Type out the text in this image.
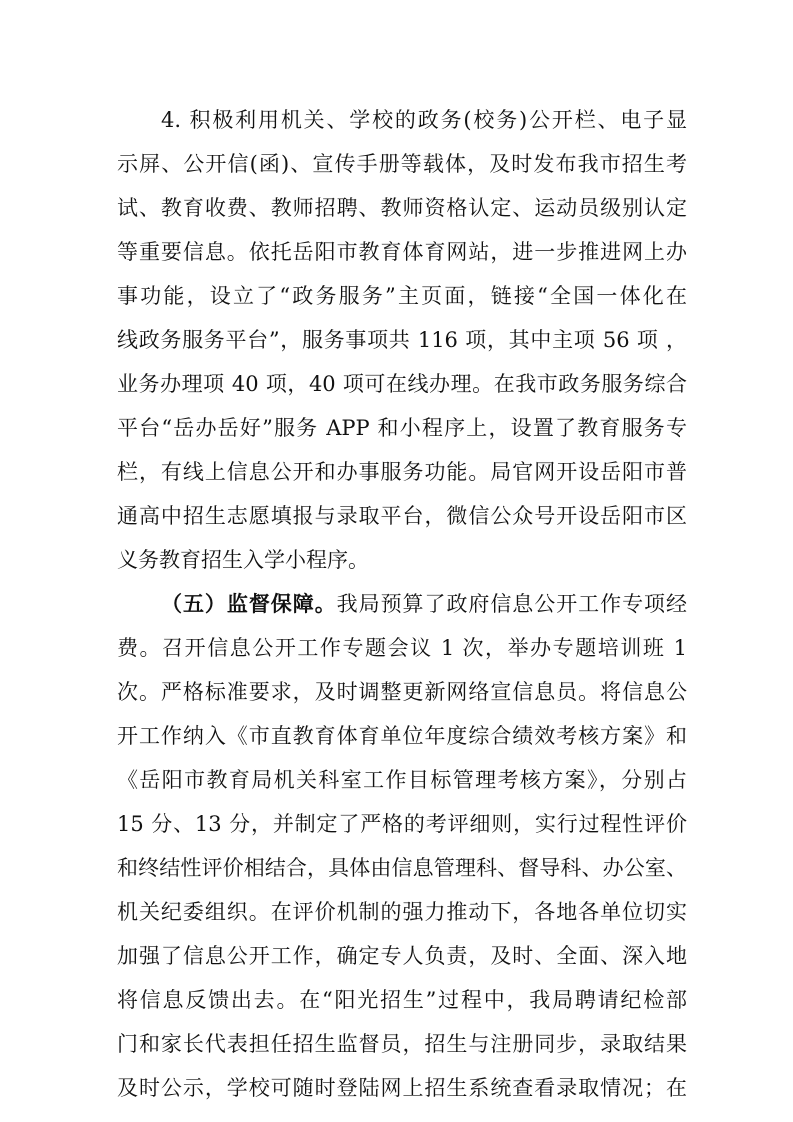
4. 积极利用机关、学校的政务(校务)公开栏、电子显
示屏、公开信(函)、宣传手册等载体，及时发布我市招生考
试、教育收费、教师招聘、教师资格认定、运动员级别认定
等重要信息。依托岳阳市教育体育网站，进一步推进网上办
事功能，设立了“政务服务”主页面，链接“全国一体化在
线政务服务平台”，服务事项共 116 项，其中主项 56 项 ，
业务办理项 40 项，40 项可在线办理。在我市政务服务综合
平台“岳办岳好”服务 APP 和小程序上，设置了教育服务专
栏，有线上信息公开和办事服务功能。局官网开设岳阳市普
通高中招生志愿填报与录取平台，微信公众号开设岳阳市区
义务教育招生入学小程序。
（五）监督保障。我局预算了政府信息公开工作专项经
费。召开信息公开工作专题会议 1 次，举办专题培训班 1
次。严格标准要求，及时调整更新网络宣信息员。将信息公
开工作纳入《市直教育体育单位年度综合绩效考核方案》和
《岳阳市教育局机关科室工作目标管理考核方案》，分别占
15 分、13 分，并制定了严格的考评细则，实行过程性评价
和终结性评价相结合，具体由信息管理科、督导科、办公室、
机关纪委组织。在评价机制的强力推动下，各地各单位切实
加强了信息公开工作，确定专人负责，及时、全面、深入地
将信息反馈出去。在“阳光招生”过程中，我局聘请纪检部
门和家长代表担任招生监督员，招生与注册同步，录取结果
及时公示，学校可随时登陆网上招生系统查看录取情况；在
